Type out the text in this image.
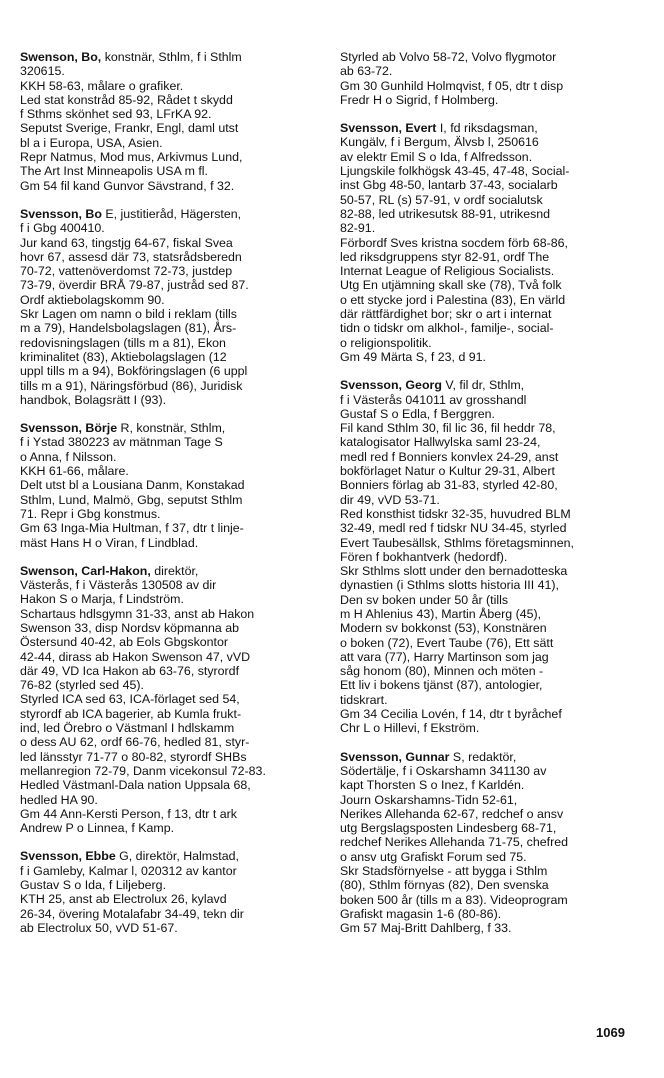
Swenson, Bo, konstnär, Sthlm, f i Sthlm
320615.
KKH 58-63, målare o grafiker.
Led stat konstråd 85-92, Rådet t skydd
f Sthms skönhet sed 93, LFrKA 92.
Seputst Sverige, Frankr, Engl, daml utst
bl a i Europa, USA, Asien.
Repr Natmus, Mod mus, Arkivmus Lund,
The Art Inst Minneapolis USA m fl.
Gm 54 fil kand Gunvor Sävstrand, f 32.
Svensson, Bo E, justitieråd, Hägersten,
f i Gbg 400410.
Jur kand 63, tingstjg 64-67, fiskal Svea
hovr 67, assesd där 73, statsrådsberedn
70-72, vattenöverdomst 72-73, justdep
73-79, överdir BRÅ 79-87, justråd sed 87.
Ordf aktiebolagskomm 90.
Skr Lagen om namn o bild i reklam (tills
m a 79), Handelsbolagslagen (81), Års-
redovisningslagen (tills m a 81), Ekon
kriminalitet (83), Aktiebolagslagen (12
uppl tills m a 94), Bokföringslagen (6 uppl
tills m a 91), Näringsförbud (86), Juridisk
handbok, Bolagsrätt I (93).
Svensson, Börje R, konstnär, Sthlm,
f i Ystad 380223 av mätnman Tage S
o Anna, f Nilsson.
KKH 61-66, målare.
Delt utst bl a Lousiana Danm, Konstakad
Sthlm, Lund, Malmö, Gbg, seputst Sthlm
71. Repr i Gbg konstmus.
Gm 63 Inga-Mia Hultman, f 37, dtr t linje-
mäst Hans H o Viran, f Lindblad.
Swenson, Carl-Hakon, direktör,
Västerås, f i Västerås 130508 av dir
Hakon S o Marja, f Lindström.
Schartaus hdlsgymn 31-33, anst ab Hakon
Swenson 33, disp Nordsv köpmanna ab
Östersund 40-42, ab Eols Gbgskontor
42-44, dirass ab Hakon Swenson 47, vVD
där 49, VD Ica Hakon ab 63-76, styrordf
76-82 (styrled sed 45).
Styrled ICA sed 63, ICA-förlaget sed 54,
styrordf ab ICA bagerier, ab Kumla frukt-
ind, led Örebro o Västmanl I hdlskamm
o dess AU 62, ordf 66-76, hedled 81, styr-
led länsstyr 71-77 o 80-82, styrordf SHBs
mellanregion 72-79, Danm vicekonsul 72-83.
Hedled Västmanl-Dala nation Uppsala 68,
hedled HA 90.
Gm 44 Ann-Kersti Person, f 13, dtr t ark
Andrew P o Linnea, f Kamp.
Svensson, Ebbe G, direktör, Halmstad,
f i Gamleby, Kalmar l, 020312 av kantor
Gustav S o Ida, f Liljeberg.
KTH 25, anst ab Electrolux 26, kylavd
26-34, övering Motalafabr 34-49, tekn dir
ab Electrolux 50, vVD 51-67.
Styrled ab Volvo 58-72, Volvo flygmotor
ab 63-72.
Gm 30 Gunhild Holmqvist, f 05, dtr t disp
Fredr H o Sigrid, f Holmberg.
Svensson, Evert I, fd riksdagsman,
Kungälv, f i Bergum, Älvsb l, 250616
av elektr Emil S o Ida, f Alfredsson.
Ljungskile folkhögsk 43-45, 47-48, Social-
inst Gbg 48-50, lantarb 37-43, socialarb
50-57, RL (s) 57-91, v ordf socialutsk
82-88, led utrikesutsk 88-91, utrikesnd
82-91.
Förbordf Sves kristna socdem förb 68-86,
led riksdgruppens styr 82-91, ordf The
Internat League of Religious Socialists.
Utg En utjämning skall ske (78), Två folk
o ett stycke jord i Palestina (83), En värld
där rättfärdighet bor; skr o art i internat
tidn o tidskr om alkhol-, familje-, social-
o religionspolitik.
Gm 49 Märta S, f 23, d 91.
Svensson, Georg V, fil dr, Sthlm,
f i Västerås 041011 av grosshandl
Gustaf S o Edla, f Berggren.
Fil kand Sthlm 30, fil lic 36, fil heddr 78,
katalogisator Hallwylska saml 23-24,
medl red f Bonniers konvlex 24-29, anst
bokförlaget Natur o Kultur 29-31, Albert
Bonniers förlag ab 31-83, styrled 42-80,
dir 49, vVD 53-71.
Red konsthist tidskr 32-35, huvudred BLM
32-49, medl red f tidskr NU 34-45, styrled
Evert Taubesällsk, Sthlms företagsminnen,
Fören f bokhantverk (hedordf).
Skr Sthlms slott under den bernadotteska
dynastien (i Sthlms slotts historia III 41),
Den sv boken under 50 år (tills
m H Ahlenius 43), Martin Åberg (45),
Modern sv bokkonst (53), Konstnären
o boken (72), Evert Taube (76), Ett sätt
att vara (77), Harry Martinson som jag
såg honom (80), Minnen och möten -
Ett liv i bokens tjänst (87), antologier,
tidskrart.
Gm 34 Cecilia Lovén, f 14, dtr t byråchef
Chr L o Hillevi, f Ekström.
Svensson, Gunnar S, redaktör,
Södertälje, f i Oskarshamn 341130 av
kapt Thorsten S o Inez, f Karldén.
Journ Oskarshamns-Tidn 52-61,
Nerikes Allehanda 62-67, redchef o ansv
utg Bergslagsposten Lindesberg 68-71,
redchef Nerikes Allehanda 71-75, chefred
o ansv utg Grafiskt Forum sed 75.
Skr Stadsförnyelse - att bygga i Sthlm
(80), Sthlm förnyas (82), Den svenska
boken 500 år (tills m a 83). Videoprogram
Grafiskt magasin 1-6 (80-86).
Gm 57 Maj-Britt Dahlberg, f 33.
1069
